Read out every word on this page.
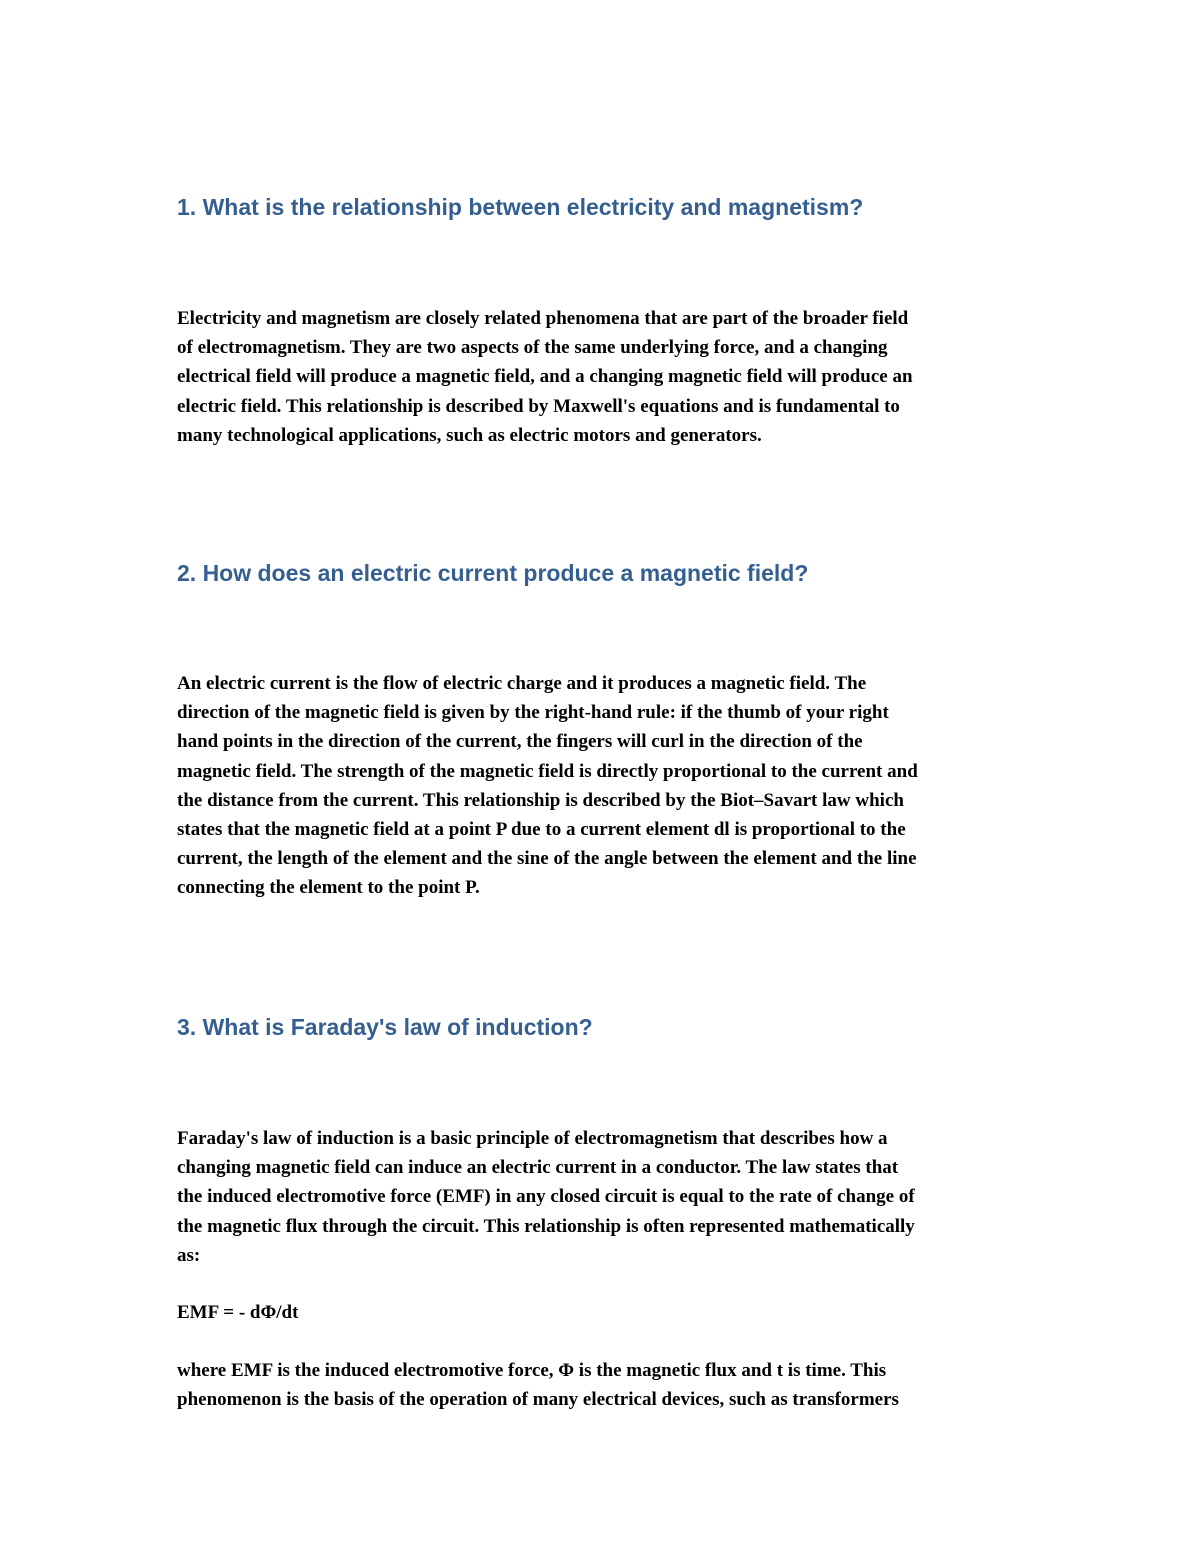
1. What is the relationship between electricity and magnetism?

Electricity and magnetism are closely related phenomena that are part of the broader field
of electromagnetism. They are two aspects of the same underlying force, and a changing
electrical field will produce a magnetic field, and a changing magnetic field will produce an
electric field. This relationship is described by Maxwell's equations and is fundamental to
many technological applications, such as electric motors and generators.

2. How does an electric current produce a magnetic field?

An electric current is the flow of electric charge and it produces a magnetic field. The
direction of the magnetic field is given by the right-hand rule: if the thumb of your right
hand points in the direction of the current, the fingers will curl in the direction of the
magnetic field. The strength of the magnetic field is directly proportional to the current and
the distance from the current. This relationship is described by the Biot–Savart law which
states that the magnetic field at a point P due to a current element dl is proportional to the
current, the length of the element and the sine of the angle between the element and the line
connecting the element to the point P.

3. What is Faraday's law of induction?

Faraday's law of induction is a basic principle of electromagnetism that describes how a
changing magnetic field can induce an electric current in a conductor. The law states that
the induced electromotive force (EMF) in any closed circuit is equal to the rate of change of
the magnetic flux through the circuit. This relationship is often represented mathematically
as:

EMF = - dΦ/dt

where EMF is the induced electromotive force, Φ is the magnetic flux and t is time. This
phenomenon is the basis of the operation of many electrical devices, such as transformers
